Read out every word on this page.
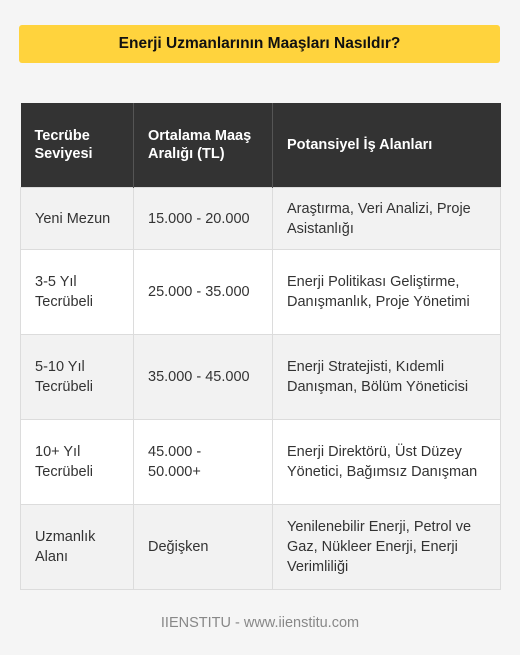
Enerji Uzmanlarının Maaşları Nasıldır?
Tecrübe Seviyesi	Ortalama Maaş Aralığı (TL)	Potansiyel İş Alanları
Yeni Mezun	15.000 - 20.000	Araştırma, Veri Analizi, Proje Asistanlığı
3-5 Yıl Tecrübeli	25.000 - 35.000	Enerji Politikası Geliştirme, Danışmanlık, Proje Yönetimi
5-10 Yıl Tecrübeli	35.000 - 45.000	Enerji Stratejisti, Kıdemli Danışman, Bölüm Yöneticisi
10+ Yıl Tecrübeli	45.000 - 50.000+	Enerji Direktörü, Üst Düzey Yönetici, Bağımsız Danışman
Uzmanlık Alanı	Değişken	Yenilenebilir Enerji, Petrol ve Gaz, Nükleer Enerji, Enerji Verimliliği
IIENSTITU - www.iienstitu.com
